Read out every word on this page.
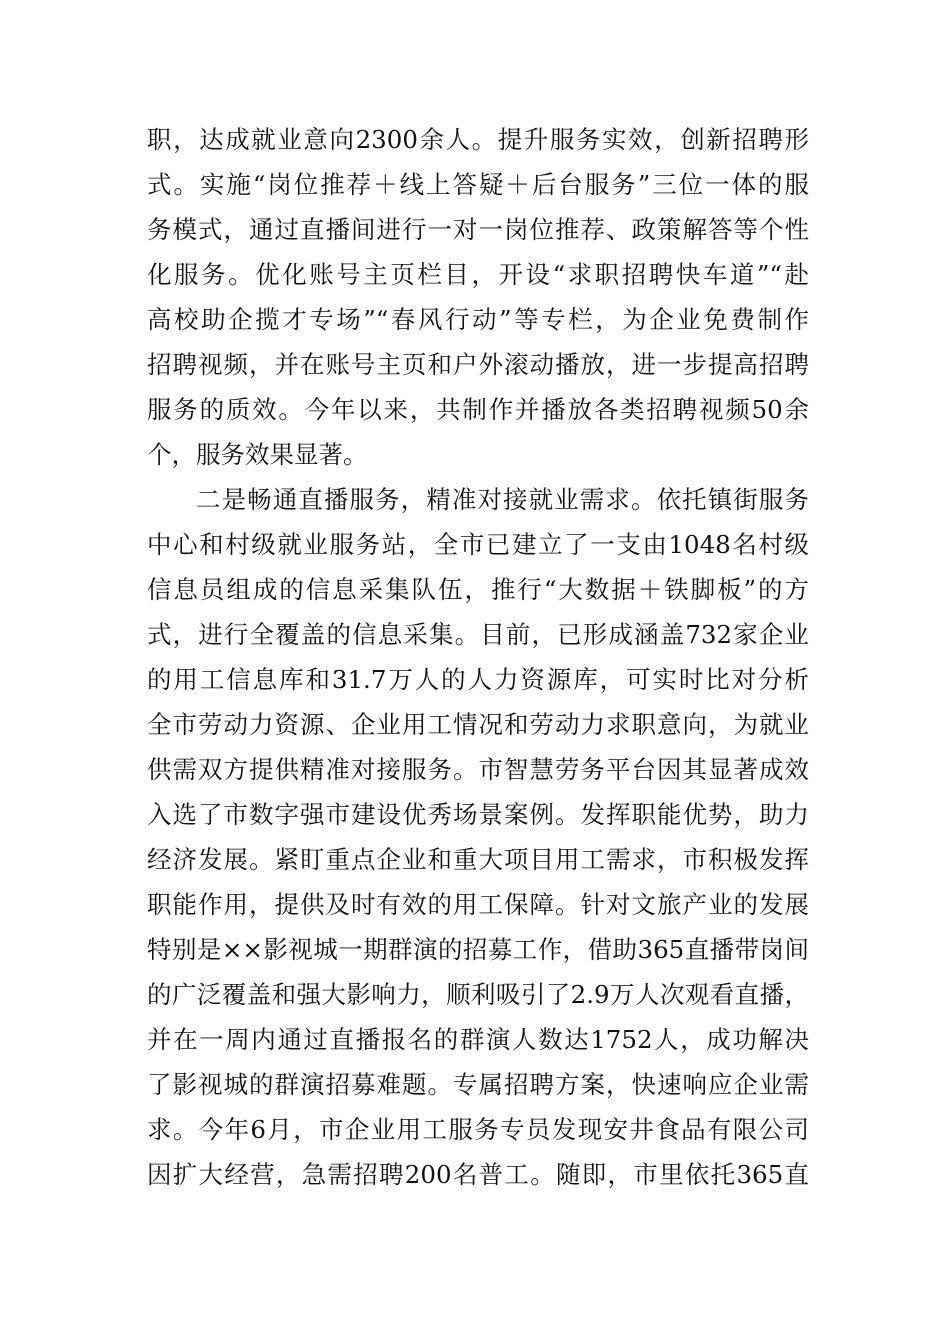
职，达成就业意向2300余人。提升服务实效，创新招聘形
式。实施“岗位推荐＋线上答疑＋后台服务”三位一体的服
务模式，通过直播间进行一对一岗位推荐、政策解答等个性
化服务。优化账号主页栏目，开设“求职招聘快车道”“赴
高校助企揽才专场”“春风行动”等专栏，为企业免费制作
招聘视频，并在账号主页和户外滚动播放，进一步提高招聘
服务的质效。今年以来，共制作并播放各类招聘视频50余
个，服务效果显著。
二是畅通直播服务，精准对接就业需求。依托镇街服务
中心和村级就业服务站，全市已建立了一支由1048名村级
信息员组成的信息采集队伍，推行“大数据＋铁脚板”的方
式，进行全覆盖的信息采集。目前，已形成涵盖732家企业
的用工信息库和31.7万人的人力资源库，可实时比对分析
全市劳动力资源、企业用工情况和劳动力求职意向，为就业
供需双方提供精准对接服务。市智慧劳务平台因其显著成效
入选了市数字强市建设优秀场景案例。发挥职能优势，助力
经济发展。紧盯重点企业和重大项目用工需求，市积极发挥
职能作用，提供及时有效的用工保障。针对文旅产业的发展
特别是××影视城一期群演的招募工作，借助365直播带岗间
的广泛覆盖和强大影响力，顺利吸引了2.9万人次观看直播，
并在一周内通过直播报名的群演人数达1752人，成功解决
了影视城的群演招募难题。专属招聘方案，快速响应企业需
求。今年6月，市企业用工服务专员发现安井食品有限公司
因扩大经营，急需招聘200名普工。随即，市里依托365直
